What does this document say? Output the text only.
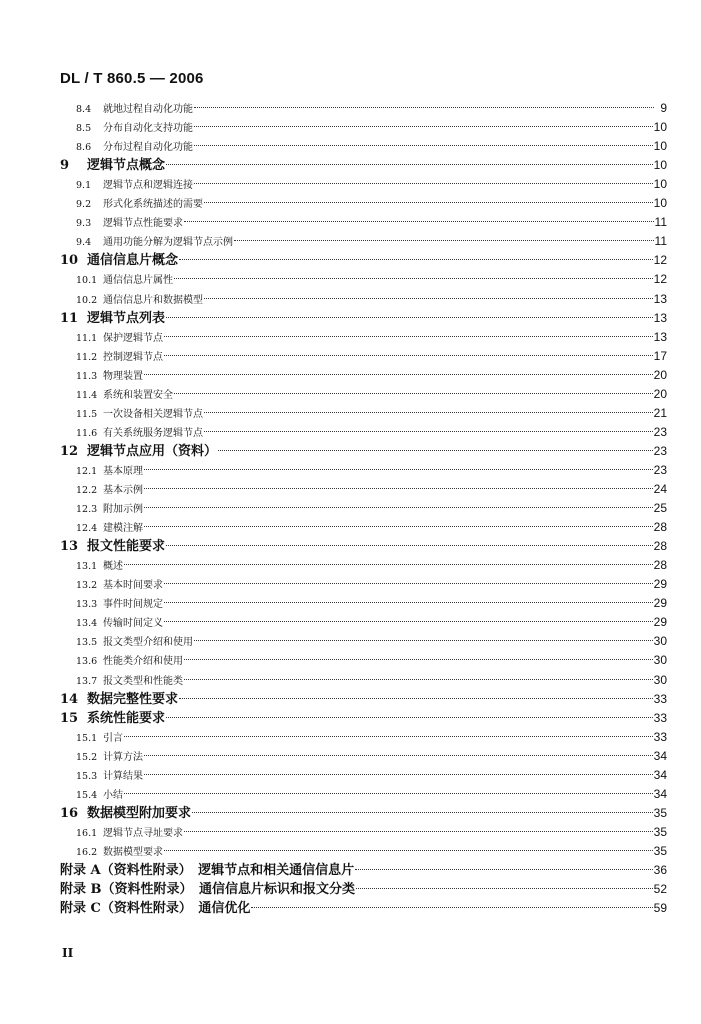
DL / T 860.5 — 2006
8.4	就地过程自动化功能	9
8.5	分布自动化支持功能	10
8.6	分布过程自动化功能	10
9	逻辑节点概念	10
9.1	逻辑节点和逻辑连接	10
9.2	形式化系统描述的需要	10
9.3	逻辑节点性能要求	11
9.4	通用功能分解为逻辑节点示例	11
10 通信信息片概念	12
10.1 通信信息片属性	12
10.2 通信信息片和数据模型	13
11 逻辑节点列表	13
11.1 保护逻辑节点	13
11.2 控制逻辑节点	17
11.3 物理装置	20
11.4 系统和装置安全	20
11.5 一次设备相关逻辑节点	21
11.6 有关系统服务逻辑节点	23
12 逻辑节点应用（资料）	23
12.1 基本原理	23
12.2 基本示例	24
12.3 附加示例	25
12.4 建模注解	28
13 报文性能要求	28
13.1 概述	28
13.2 基本时间要求	29
13.3 事件时间规定	29
13.4 传输时间定义	29
13.5 报文类型介绍和使用	30
13.6 性能类介绍和使用	30
13.7 报文类型和性能类	30
14 数据完整性要求	33
15 系统性能要求	33
15.1 引言	33
15.2 计算方法	34
15.3 计算结果	34
15.4 小结	34
16 数据模型附加要求	35
16.1 逻辑节点寻址要求	35
16.2 数据模型要求	35
附录 A（资料性附录）　逻辑节点和相关通信信息片	36
附录 B（资料性附录）　通信信息片标识和报文分类	52
附录 C（资料性附录）　通信优化	59
II
